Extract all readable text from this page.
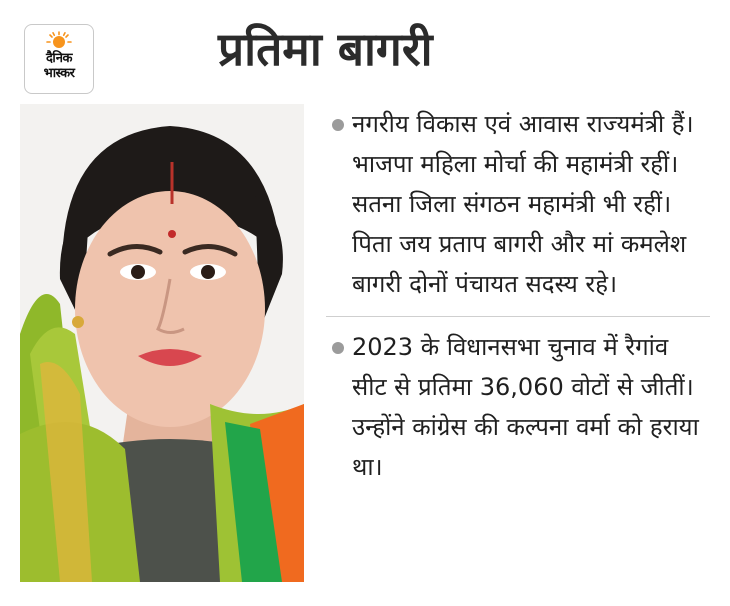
दैनिक
भास्कर	प्रतिमा बागरी
नगरीय विकास एवं आवास राज्यमंत्री हैं। भाजपा महिला मोर्चा की महामंत्री रहीं। सतना जिला संगठन महामंत्री भी रहीं। पिता जय प्रताप बागरी और मां कमलेश बागरी दोनों पंचायत सदस्य रहे।
2023 के विधानसभा चुनाव में रैगांव सीट से प्रतिमा 36,060 वोटों से जीतीं। उन्होंने कांग्रेस की कल्पना वर्मा को हराया था।
